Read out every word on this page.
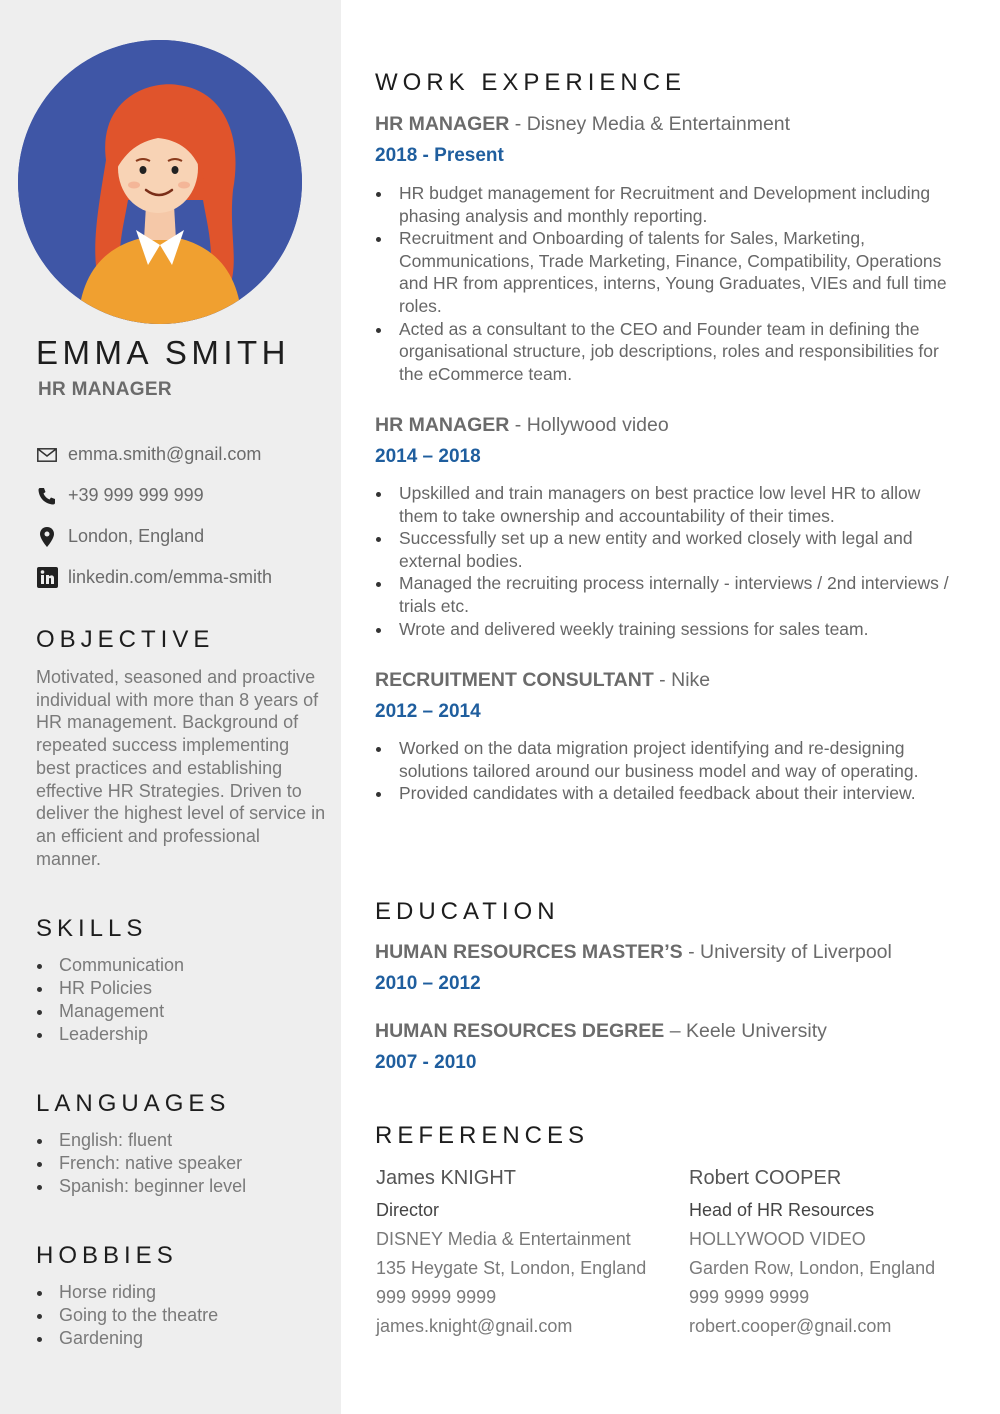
EMMA SMITH
HR MANAGER
emma.smith@gnail.com
+39 999 999 999
London, England
linkedin.com/emma-smith
OBJECTIVE
Motivated, seasoned and proactive individual with more than 8 years of HR management. Background of repeated success implementing best practices and establishing effective HR Strategies. Driven to deliver the highest level of service in an efficient and professional manner.
SKILLS
Communication
HR Policies
Management
Leadership
LANGUAGES
English: fluent
French: native speaker
Spanish: beginner level
HOBBIES
Horse riding
Going to the theatre
Gardening
WORK EXPERIENCE
HR MANAGER - Disney Media & Entertainment
2018 - Present
HR budget management for Recruitment and Development including phasing analysis and monthly reporting.
Recruitment and Onboarding of talents for Sales, Marketing, Communications, Trade Marketing, Finance, Compatibility, Operations and HR from apprentices, interns, Young Graduates, VIEs and full time roles.
Acted as a consultant to the CEO and Founder team in defining the organisational structure, job descriptions, roles and responsibilities for the eCommerce team.
HR MANAGER - Hollywood video
2014 – 2018
Upskilled and train managers on best practice low level HR to allow them to take ownership and accountability of their times.
Successfully set up a new entity and worked closely with legal and external bodies.
Managed the recruiting process internally - interviews / 2nd interviews / trials etc.
Wrote and delivered weekly training sessions for sales team.
RECRUITMENT CONSULTANT - Nike
2012 – 2014
Worked on the data migration project identifying and re-designing solutions tailored around our business model and way of operating.
Provided candidates with a detailed feedback about their interview.
EDUCATION
HUMAN RESOURCES MASTER’S - University of Liverpool
2010 – 2012
HUMAN RESOURCES DEGREE – Keele University
2007 - 2010
REFERENCES
James KNIGHT
Director
DISNEY Media & Entertainment
135 Heygate St, London, England
999 9999 9999
james.knight@gnail.com
Robert COOPER
Head of HR Resources
HOLLYWOOD VIDEO
Garden Row, London, England
999 9999 9999
robert.cooper@gnail.com
